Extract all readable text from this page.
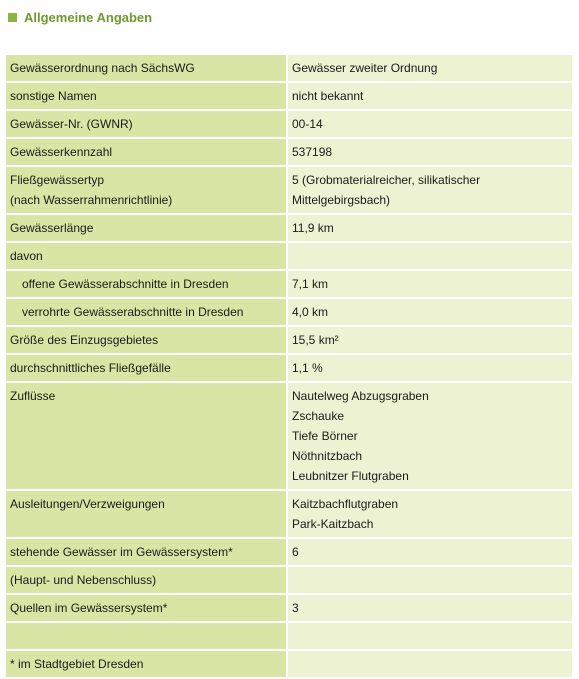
Allgemeine Angaben
Gewässerordnung nach SächsWG	Gewässer zweiter Ordnung
sonstige Namen	nicht bekannt
Gewässer-Nr. (GWNR)	00-14
Gewässerkennzahl	537198

Fließgewässertyp
(nach Wasserrahmenrichtlinie)	5 (Grobmaterialreicher, silikatischer
Mittelgebirgsbach)

Gewässerlänge	11,9 km
davon	
offene Gewässerabschnitte in Dresden	7,1 km
verrohrte Gewässerabschnitte in Dresden	4,0 km
Größe des Einzugsgebietes	15,5 km²
durchschnittliches Fließgefälle	1,1 %
Zuflüsse	Nautelweg Abzugsgraben
Zschauke
Tiefe Börner
Nöthnitzbach
Leubnitzer Flutgraben

Ausleitungen/Verzweigungen	Kaitzbachflutgraben
Park-Kaitzbach

stehende Gewässer im Gewässersystem*	6
(Haupt- und Nebenschluss)	
Quellen im Gewässersystem*	3

* im Stadtgebiet Dresden	
